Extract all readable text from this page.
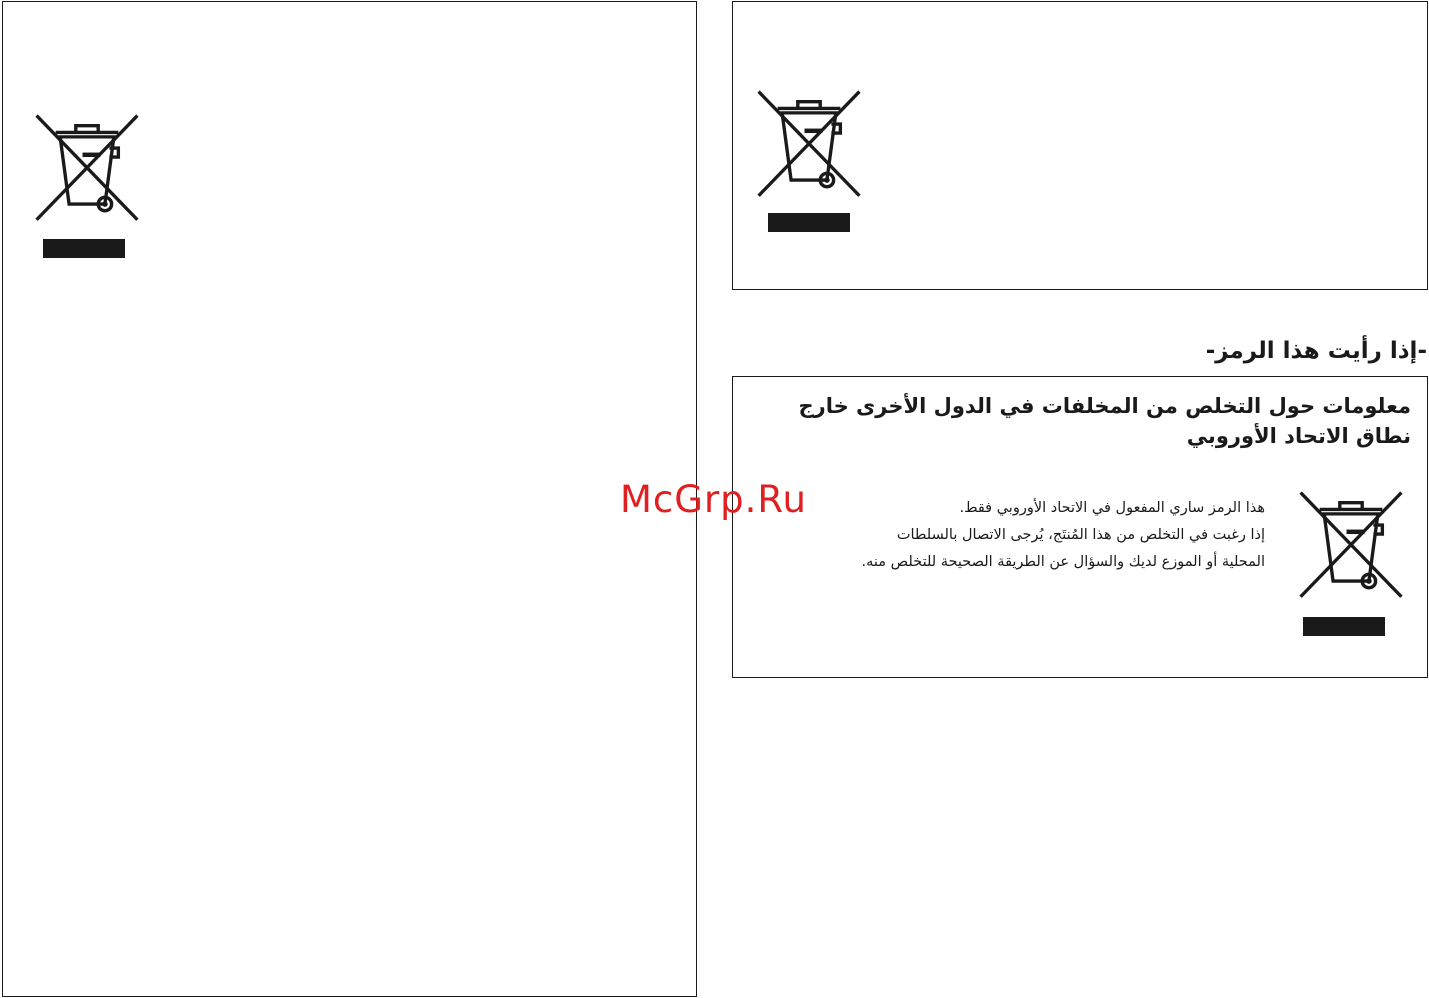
-إذا رأيت هذا الرمز-
معلومات حول التخلص من المخلفات في الدول الأخرى خارج نطاق الاتحاد الأوروبي

هذا الرمز ساري المفعول في الاتحاد الأوروبي فقط.

إذا رغبت في التخلص من هذا المُنتَج، يُرجى الاتصال بالسلطات

المحلية أو الموزع لديك والسؤال عن الطريقة الصحيحة للتخلص منه.

McGrp.Ru
